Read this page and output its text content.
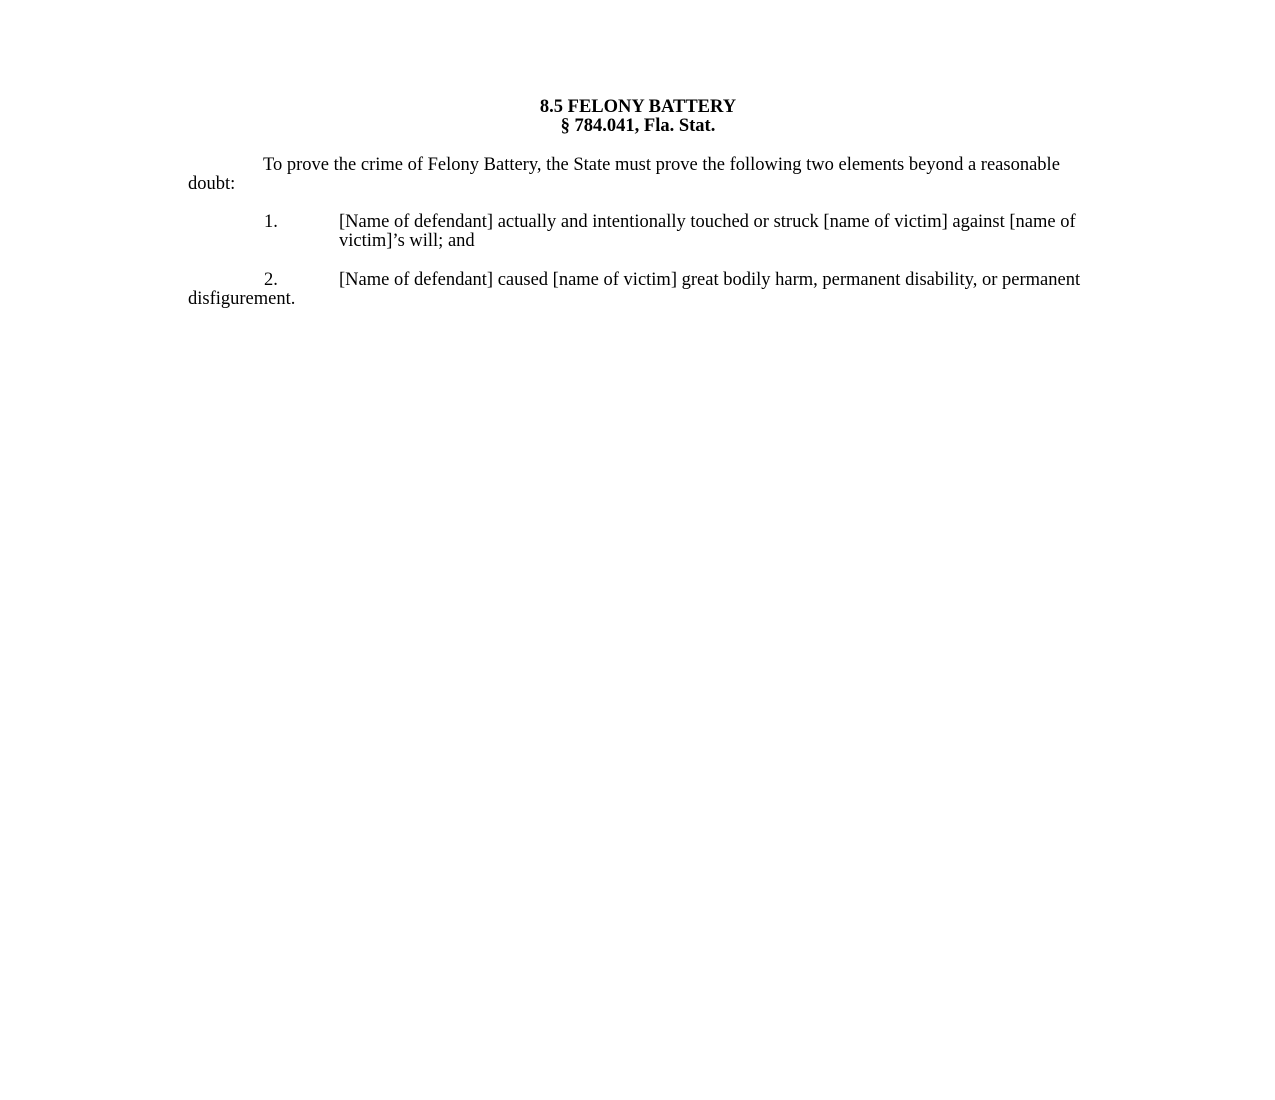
8.5 FELONY BATTERY
§ 784.041, Fla. Stat.

To prove the crime of Felony Battery, the State must prove the following two elements beyond a reasonable doubt:

1.	[Name of defendant] actually and intentionally touched or struck [name of victim] against [name of victim]’s will; and
2.	[Name of defendant] caused [name of victim] great bodily harm, permanent disability, or permanent disfigurement.
